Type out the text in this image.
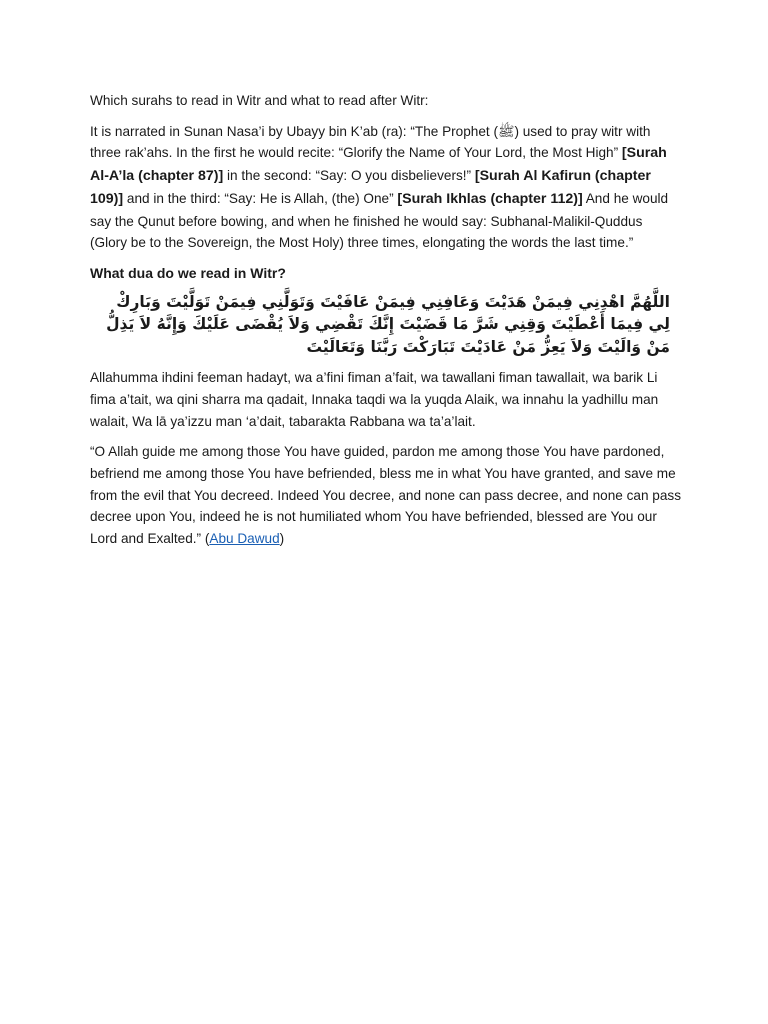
Which surahs to read in Witr and what to read after Witr:

It is narrated in Sunan Nasa’i by Ubayy bin K’ab (ra): “The Prophet (ﷺ) used to pray witr with three rak’ahs. In the first he would recite: “Glorify the Name of Your Lord, the Most High” [Surah Al-A’la (chapter 87)] in the second: “Say: O you disbelievers!” [Surah Al Kafirun (chapter 109)] and in the third: “Say: He is Allah, (the) One” [Surah Ikhlas (chapter 112)] And he would say the Qunut before bowing, and when he finished he would say: Subhanal-Malikil-Quddus (Glory be to the Sovereign, the Most Holy) three times, elongating the words the last time.”

What dua do we read in Witr?

اللَّهُمَّ اهْدِنِي فِيمَنْ هَدَيْتَ وَعَافِنِي فِيمَنْ عَافَيْتَ وَتَوَلَّنِي فِيمَنْ تَوَلَّيْتَ وَبَارِكْ لِي فِيمَا أَعْطَيْتَ وَقِنِي شَرَّ مَا قَضَيْتَ إِنَّكَ تَقْضِي وَلاَ يُقْضَى عَلَيْكَ وَإِنَّهُ لاَ يَذِلُّ مَنْ وَالَيْتَ وَلاَ يَعِزُّ مَنْ عَادَيْتَ تَبَارَكْتَ رَبَّنَا وَتَعَالَيْتَ

Allahumma ihdini feeman hadayt, wa a’fini fiman a’fait, wa tawallani fiman tawallait, wa barik Li fima a’tait, wa qini sharra ma qadait, Innaka taqdi wa la yuqda Alaik, wa innahu la yadhillu man walait, Wa lā ya’izzu man ‘a’dait, tabarakta Rabbana wa ta’a’lait.

“O Allah guide me among those You have guided, pardon me among those You have pardoned, befriend me among those You have befriended, bless me in what You have granted, and save me from the evil that You decreed. Indeed You decree, and none can pass decree, and none can pass decree upon You, indeed he is not humiliated whom You have befriended, blessed are You our Lord and Exalted.” (Abu Dawud)
